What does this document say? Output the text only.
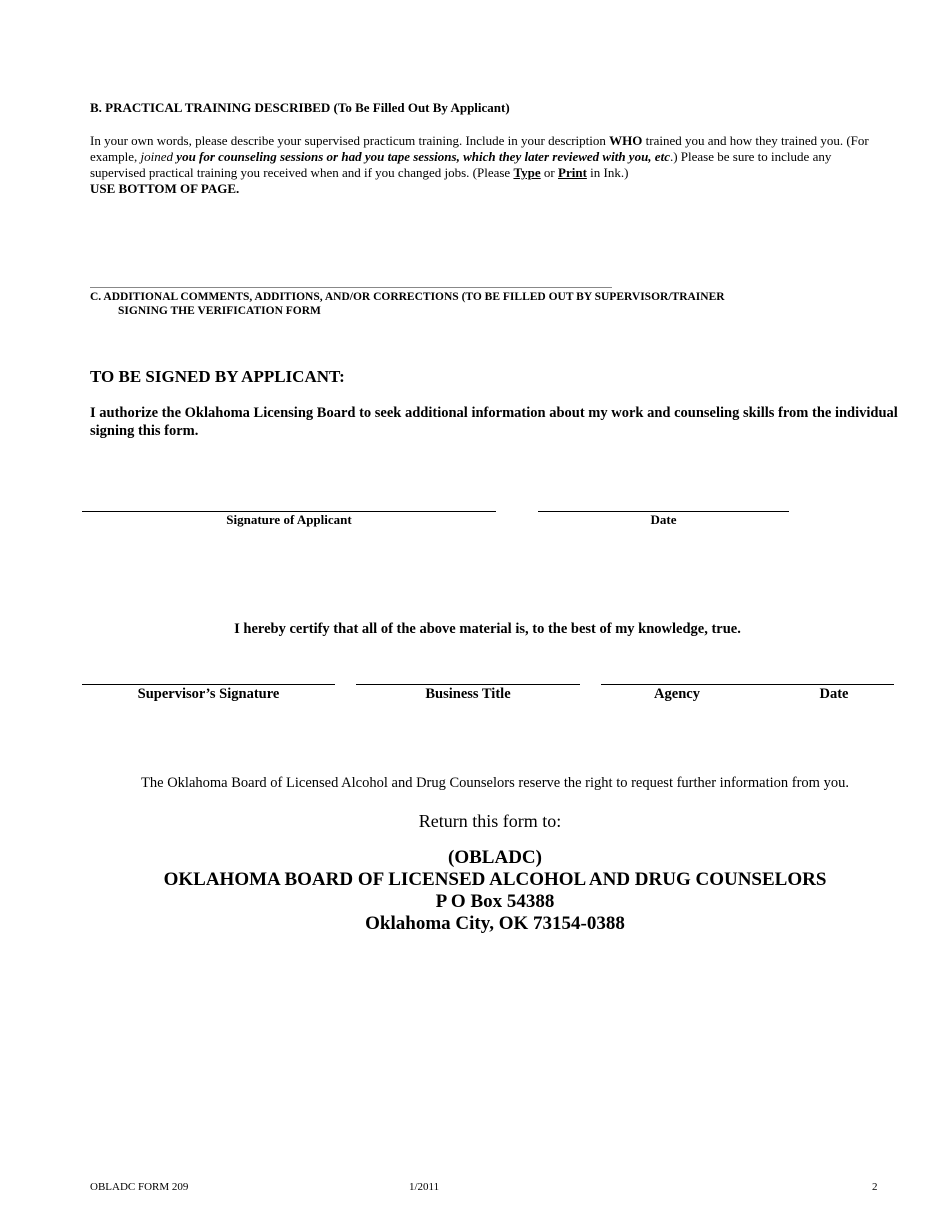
B. PRACTICAL TRAINING DESCRIBED (To Be Filled Out By Applicant)
In your own words, please describe your supervised practicum training. Include in your description WHO trained you and how they trained you. (For example, joined you for counseling sessions or had you tape sessions, which they later reviewed with you, etc.) Please be sure to include any supervised practical training you received when and if you changed jobs. (Please Type or Print in Ink.)
USE BOTTOM OF PAGE.
C. ADDITIONAL COMMENTS, ADDITIONS, AND/OR CORRECTIONS (TO BE FILLED OUT BY SUPERVISOR/TRAINER
SIGNING THE VERIFICATION FORM
TO BE SIGNED BY APPLICANT:
I authorize the Oklahoma Licensing Board to seek additional information about my work and counseling skills from the individual signing this form.
Signature of Applicant	Date
I hereby certify that all of the above material is, to the best of my knowledge, true.
Supervisor’s Signature	Business Title	Agency	Date
The Oklahoma Board of Licensed Alcohol and Drug Counselors reserve the right to request further information from you.
Return this form to:
(OBLADC)
OKLAHOMA BOARD OF LICENSED ALCOHOL AND DRUG COUNSELORS
P O Box 54388
Oklahoma City, OK 73154-0388
OBLADC FORM 209	1/2011	2
